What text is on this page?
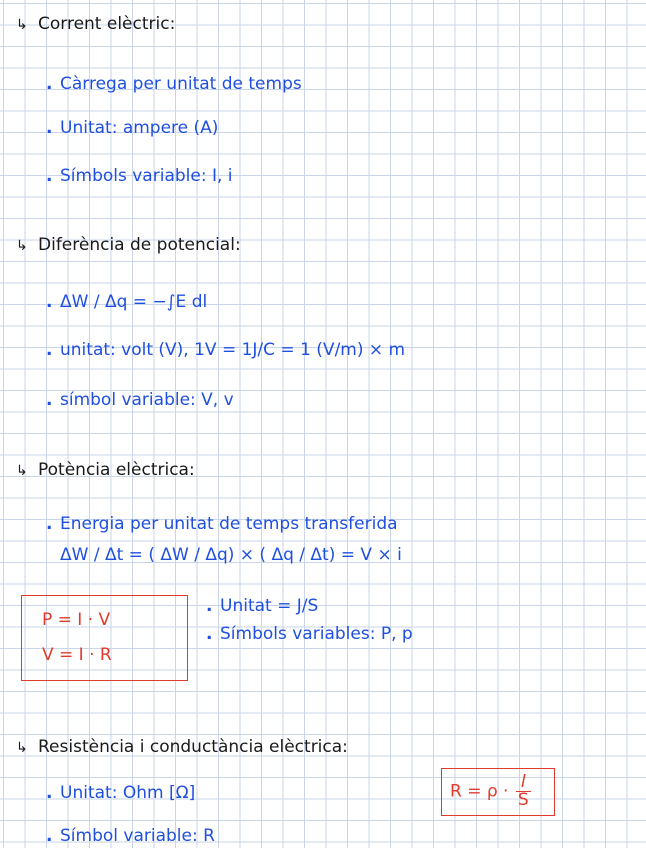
↳ Corrent elèctric:
. Càrrega per unitat de temps
. Unitat: ampere (A)
. Símbols variable: I, i
↳ Diferència de potencial:
. ΔW / Δq = −∫E dl
. unitat: volt (V), 1V = 1J/C = 1 (V/m) × m
. símbol variable: V, v
↳ Potència elèctrica:
. Energia per unitat de temps transferida
ΔW / Δt = ( ΔW / Δq) × ( Δq / Δt) = V × i
P = I · V
V = I · R
. Unitat = J/S
. Símbols variables: P, p
↳ Resistència i conductància elèctrica:
. Unitat: Ohm [Ω]
. Símbol variable: R
$R = \rho \cdot \frac{l}{S}$
